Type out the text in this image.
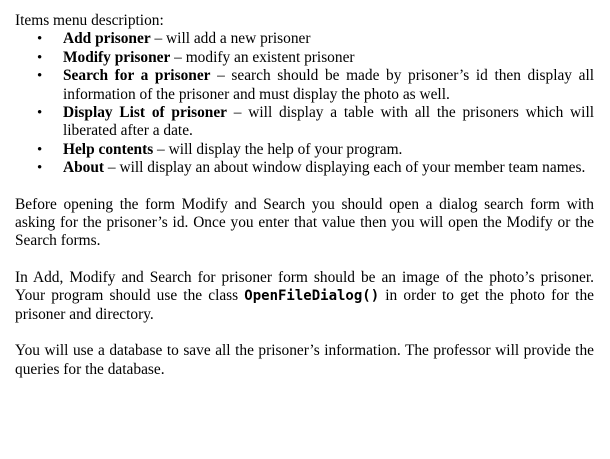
Items menu description:
• Add prisoner – will add a new prisoner
• Modify prisoner – modify an existent prisoner
• Search for a prisoner – search should be made by prisoner’s id then display all information of the prisoner and must display the photo as well.
• Display List of prisoner – will display a table with all the prisoners which will liberated after a date.
• Help contents – will display the help of your program.
• About – will display an about window displaying each of your member team names.

Before opening the form Modify and Search you should open a dialog search form with asking for the prisoner’s id. Once you enter that value then you will open the Modify or the Search forms.

In Add, Modify and Search for prisoner form should be an image of the photo’s prisoner. Your program should use the class OpenFileDialog() in order to get the photo for the prisoner and directory.

You will use a database to save all the prisoner’s information. The professor will provide the queries for the database.
